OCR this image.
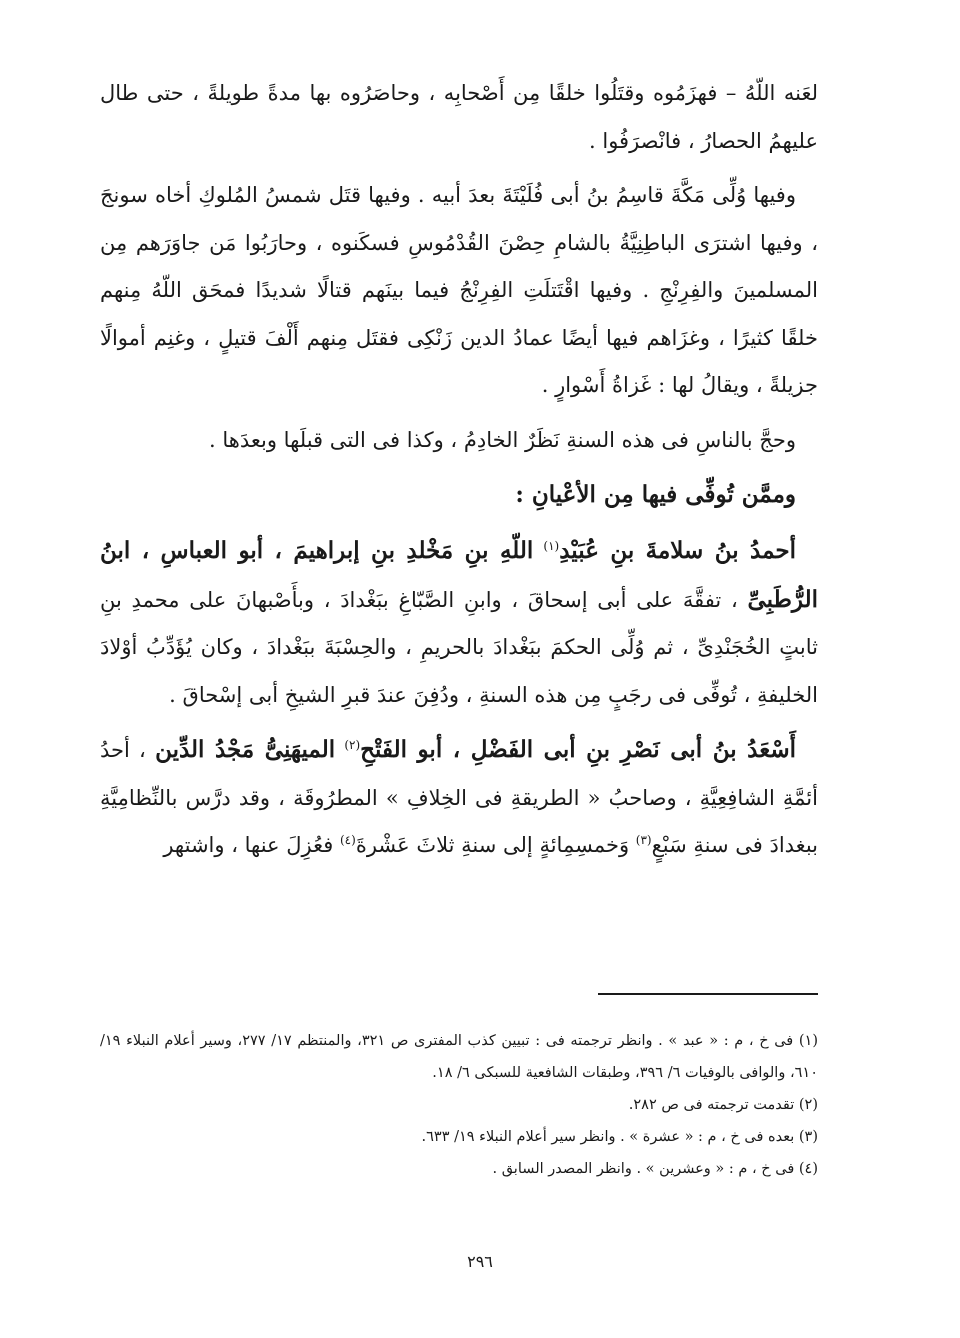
لعَنه اللّهُ – فهزَمُوه وقتَلُوا خلقًا مِن أَصْحابِه ، وحاصَرُوه بها مدةً طويلةً ، حتى طال عليهمُ الحصارُ ، فانْصرَفُوا .

وفيها وُلِّى مَكَّةَ قاسِمُ بنُ أبى فُلَيْتَةَ بعدَ أبيه . وفيها قتَل شمسُ المُلوكِ أخاه سونجَ ، وفيها اشترَى الباطِنِيَّةُ بالشامِ حِصْنَ القُدْمُوسِ فسكَنوه ، وحارَبُوا مَن جاوَرَهم مِن المسلمينَ والفِرِنْجِ . وفيها اقْتَتلَتِ الفِرِنْجُ فيما بينَهم قتالًا شديدًا فمحَق اللّهُ مِنهم خلقًا كثيرًا ، وغزَاهم فيها أيضًا عمادُ الدين زَنْكِى فقتَل مِنهم أَلْفَ قتيلٍ ، وغنِم أموالًا جزيلةً ، ويقالُ لها : غَزاةُ أَسْوارٍ .

وحجَّ بالناسِ فى هذه السنةِ نَظَرٌ الخادِمُ ، وكذا فى التى قبلَها وبعدَها .

وممَّن تُوفِّى فيها مِن الأعْيانِ :

أحمدُ بنُ سلامةَ بنِ عُبَيْدِ$^{(١)}$ اللّهِ بنِ مَخْلدِ بنِ إبراهيمَ ، أبو العباسِ ، ابنُ الرُّطَبِىِّ ، تفقَّهَ على أبى إسحاقَ ، وابنِ الصَّبّاغِ ببَغْدادَ ، وبأَصْبهانَ على محمدِ بنِ ثابتٍ الخُجَنْدِىِّ ، ثم وُلِّى الحكمَ ببَغْدادَ بالحريمِ ، والحِسْبَةَ ببَغْدادَ ، وكان يُؤَدِّبُ أوْلادَ الخليفةِ ، تُوفِّى فى رجَبٍ مِن هذه السنةِ ، ودُفِنَ عندَ قبرِ الشيخِ أبى إسْحاقَ .

أَسْعَدُ بنُ أبى نَصْرِ بنِ أبى الفَضْلِ ، أبو الفَتْحِ$^{(٢)}$ الميهَنِىُّ مَجْدُ الدِّين ، أحدُ أئمَّةِ الشافِعِيَّةِ ، وصاحبُ « الطريقةِ فى الخِلافِ » المطرُوقَة ، وقد درَّس بالنِّظامِيَّةِ ببغدادَ فى سنةِ سَبْعٍ$^{(٣)}$ وَخمسِمِائةٍ إلى سنةِ ثلاثَ عَشْرةَ$^{(٤)}$ فعُزِلَ عنها ، واشتهر

(١) فى خ ، م : « عبد » . وانظر ترجمته فى : تبيين كذب المفترى ص ٣٢١، والمنتظم ١٧/ ٢٧٧، وسير أعلام النبلاء ١٩/ ٦١٠، والوافى بالوفيات ٦/ ٣٩٦، وطبقات الشافعية للسبكى ٦/ ١٨.

(٢) تقدمت ترجمته فى ص ٢٨٢.

(٣) بعده فى خ ، م : « عشرة » . وانظر سير أعلام النبلاء ١٩/ ٦٣٣.

(٤) فى خ ، م : « وعشرين » . وانظر المصدر السابق .

٢٩٦
